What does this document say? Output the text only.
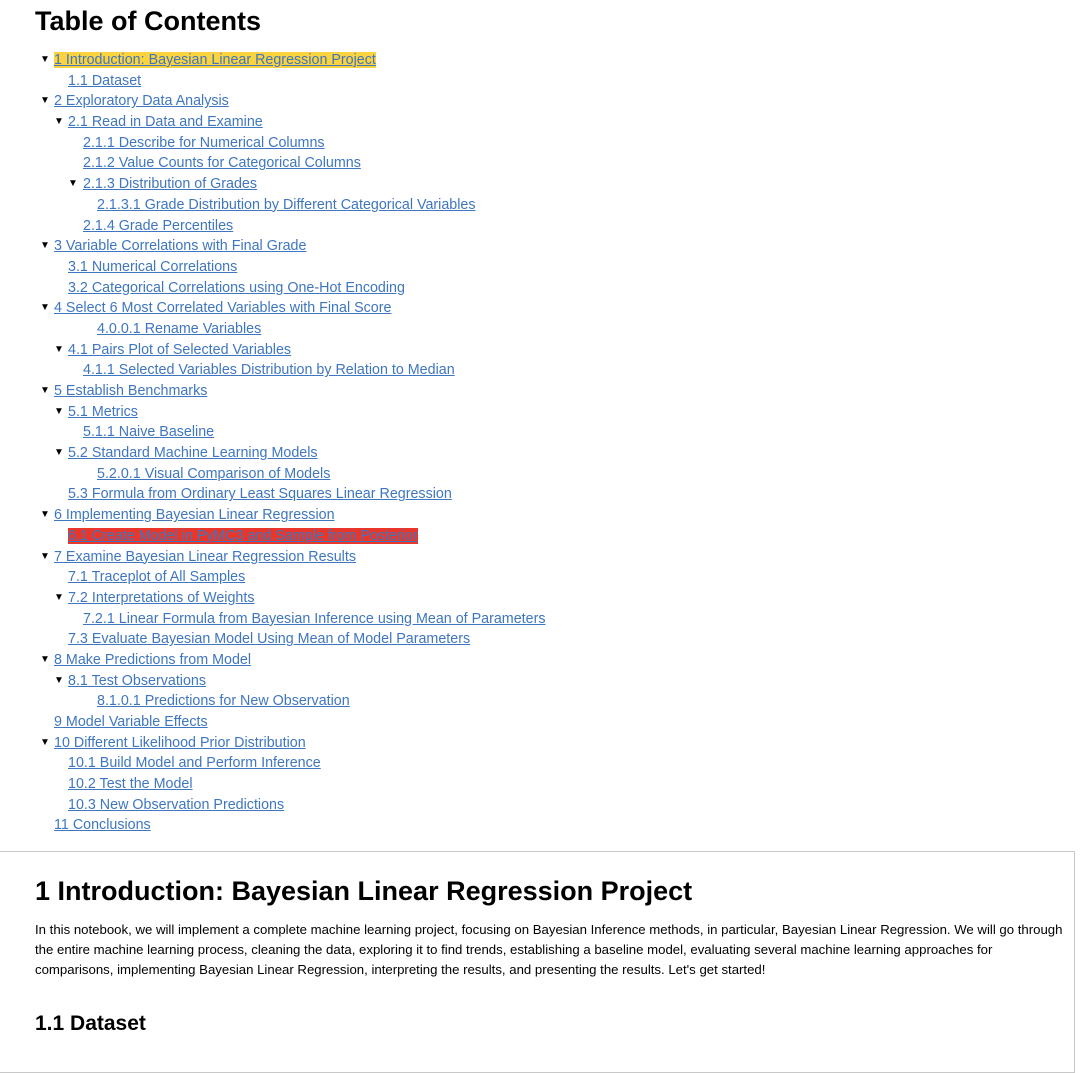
Table of Contents
▼ 1 Introduction: Bayesian Linear Regression Project
1.1 Dataset
▼ 2 Exploratory Data Analysis
▼ 2.1 Read in Data and Examine
2.1.1 Describe for Numerical Columns
2.1.2 Value Counts for Categorical Columns
▼ 2.1.3 Distribution of Grades
2.1.3.1 Grade Distribution by Different Categorical Variables
2.1.4 Grade Percentiles
▼ 3 Variable Correlations with Final Grade
3.1 Numerical Correlations
3.2 Categorical Correlations using One-Hot Encoding
▼ 4 Select 6 Most Correlated Variables with Final Score
4.0.0.1 Rename Variables
▼ 4.1 Pairs Plot of Selected Variables
4.1.1 Selected Variables Distribution by Relation to Median
▼ 5 Establish Benchmarks
▼ 5.1 Metrics
5.1.1 Naive Baseline
▼ 5.2 Standard Machine Learning Models
5.2.0.1 Visual Comparison of Models
5.3 Formula from Ordinary Least Squares Linear Regression
▼ 6 Implementing Bayesian Linear Regression
6.1 Create Model in PyMC3 and Sample from Posterior
▼ 7 Examine Bayesian Linear Regression Results
7.1 Traceplot of All Samples
▼ 7.2 Interpretations of Weights
7.2.1 Linear Formula from Bayesian Inference using Mean of Parameters
7.3 Evaluate Bayesian Model Using Mean of Model Parameters
▼ 8 Make Predictions from Model
▼ 8.1 Test Observations
8.1.0.1 Predictions for New Observation
9 Model Variable Effects
▼ 10 Different Likelihood Prior Distribution
10.1 Build Model and Perform Inference
10.2 Test the Model
10.3 New Observation Predictions
11 Conclusions
1 Introduction: Bayesian Linear Regression Project

In this notebook, we will implement a complete machine learning project, focusing on Bayesian Inference methods, in particular, Bayesian Linear Regression. We will go through the entire machine learning process, cleaning the data, exploring it to find trends, establishing a baseline model, evaluating several machine learning approaches for comparisons, implementing Bayesian Linear Regression, interpreting the results, and presenting the results. Let's get started!

1.1 Dataset
